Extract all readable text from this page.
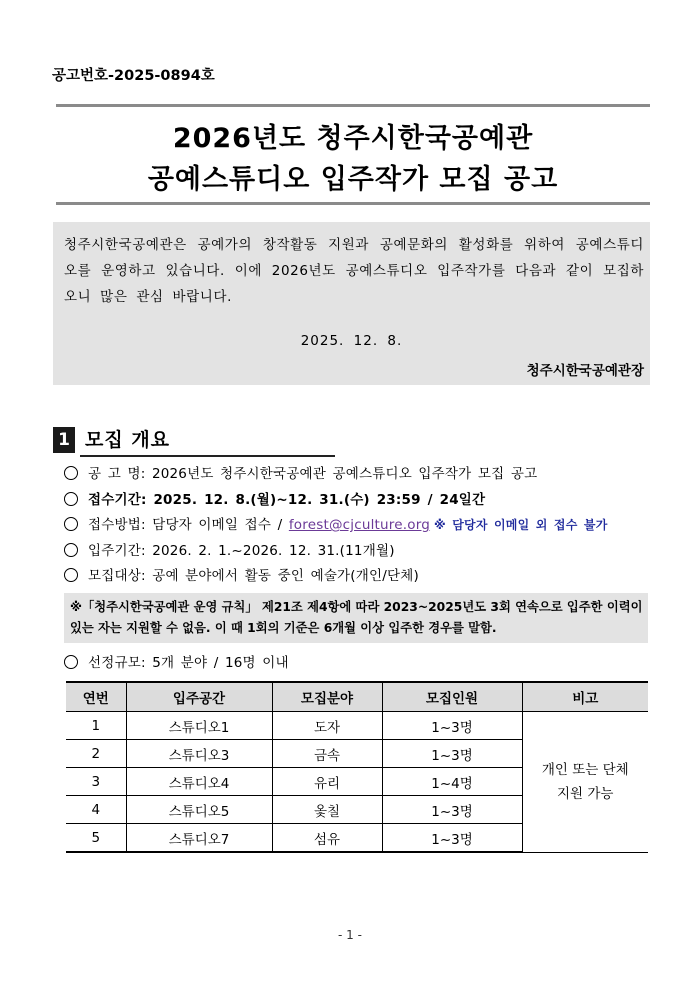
공고번호-2025-0894호
2026년도 청주시한국공예관
공예스튜디오 입주작가 모집 공고
청주시한국공예관은 공예가의 창작활동 지원과 공예문화의 활성화를 위하여 공예스튜디오를 운영하고 있습니다. 이에 2026년도 공예스튜디오 입주작가를 다음과 같이 모집하오니 많은 관심 바랍니다.
2025. 12. 8.
청주시한국공예관장
1 모집 개요
공 고 명: 2026년도 청주시한국공예관 공예스튜디오 입주작가 모집 공고
접수기간: 2025. 12. 8.(월)~12. 31.(수) 23:59 / 24일간
접수방법: 담당자 이메일 접수 / forest@cjculture.org ※ 담당자 이메일 외 접수 불가
입주기간: 2026. 2. 1.~2026. 12. 31.(11개월)
모집대상: 공예 분야에서 활동 중인 예술가(개인/단체)
※「청주시한국공예관 운영 규칙」 제21조 제4항에 따라 2023~2025년도 3회 연속으로 입주한 이력이 있는 자는 지원할 수 없음. 이 때 1회의 기준은 6개월 이상 입주한 경우를 말함.
선정규모: 5개 분야 / 16명 이내
연번	입주공간	모집분야	모집인원	비고
1	스튜디오1	도자	1~3명	개인 또는 단체
지원 가능

2	스튜디오3	금속	1~3명	
3	스튜디오4	유리	1~4명	
4	스튜디오5	옻칠	1~3명	
5	스튜디오7	섬유	1~3명	
- 1 -
